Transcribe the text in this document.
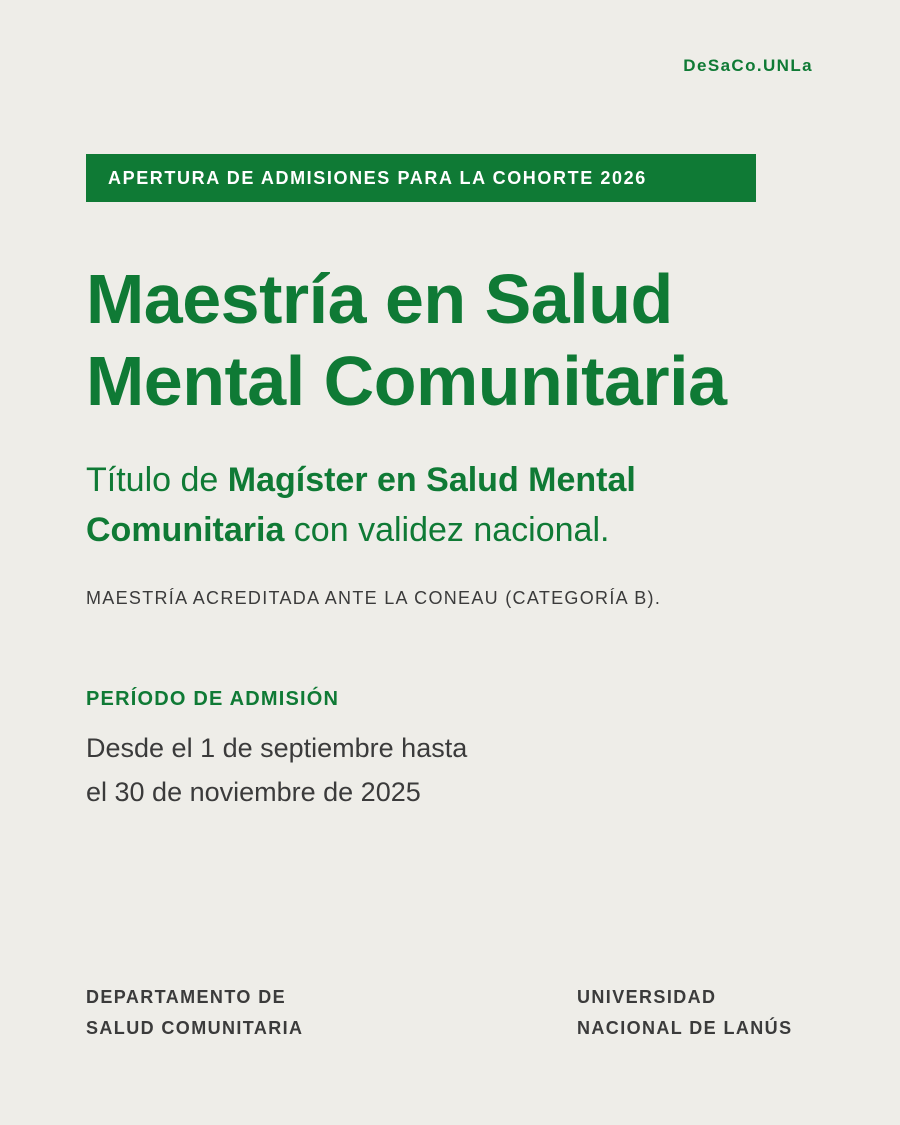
DeSaCo.UNLa
APERTURA DE ADMISIONES PARA LA COHORTE 2026
Maestría en Salud
Mental Comunitaria

Título de Magíster en Salud Mental
Comunitaria con validez nacional.

MAESTRÍA ACREDITADA ANTE LA CONEAU (CATEGORÍA B).
PERÍODO DE ADMISIÓN
Desde el 1 de septiembre hasta
el 30 de noviembre de 2025
DEPARTAMENTO DE
SALUD COMUNITARIA
UNIVERSIDAD
NACIONAL DE LANÚS
